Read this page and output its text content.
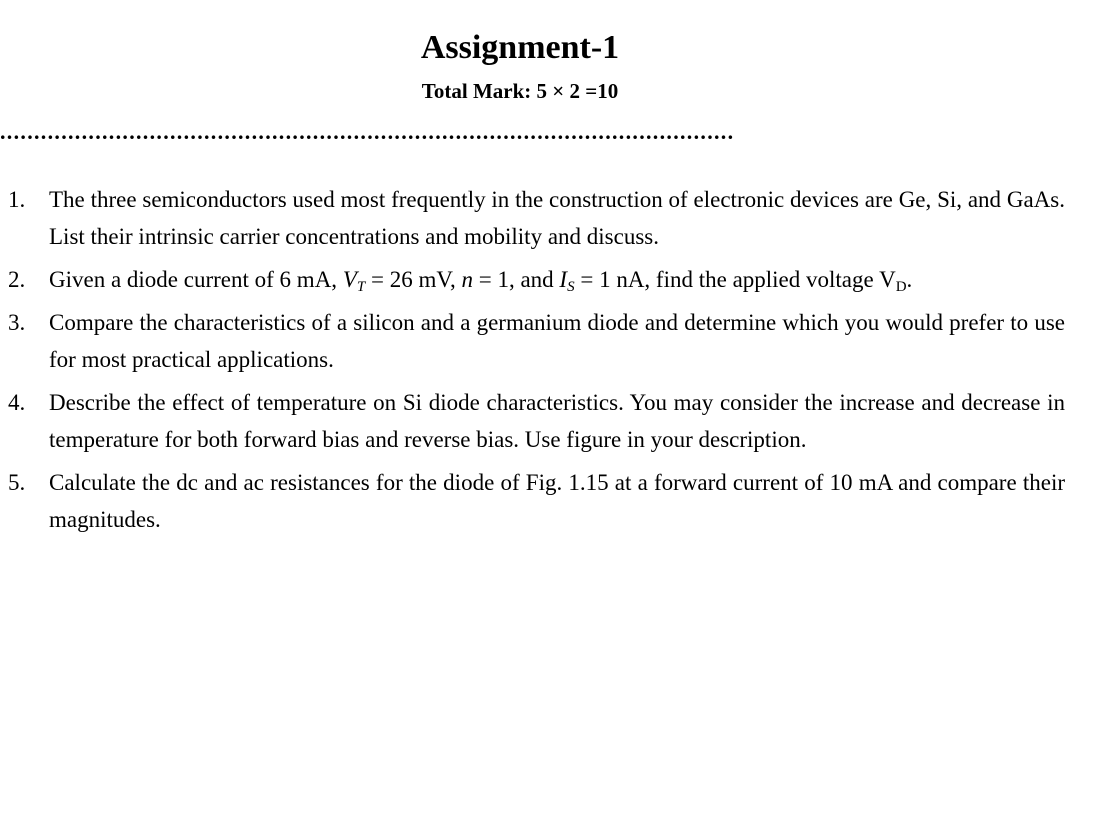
Assignment-1
Total Mark: 5 × 2 =10
............................................................................................................
1. The three semiconductors used most frequently in the construction of electronic devices are Ge, Si, and GaAs. List their intrinsic carrier concentrations and mobility and discuss.
2. Given a diode current of 6 mA, $V_T = 26$ mV, n = 1, and $I_S = 1$ nA, find the applied voltage $V_D$.
3. Compare the characteristics of a silicon and a germanium diode and determine which you would prefer to use for most practical applications.
4. Describe the effect of temperature on Si diode characteristics. You may consider the increase and decrease in temperature for both forward bias and reverse bias. Use figure in your description.
5. Calculate the dc and ac resistances for the diode of Fig. 1.15 at a forward current of 10 mA and compare their magnitudes.
